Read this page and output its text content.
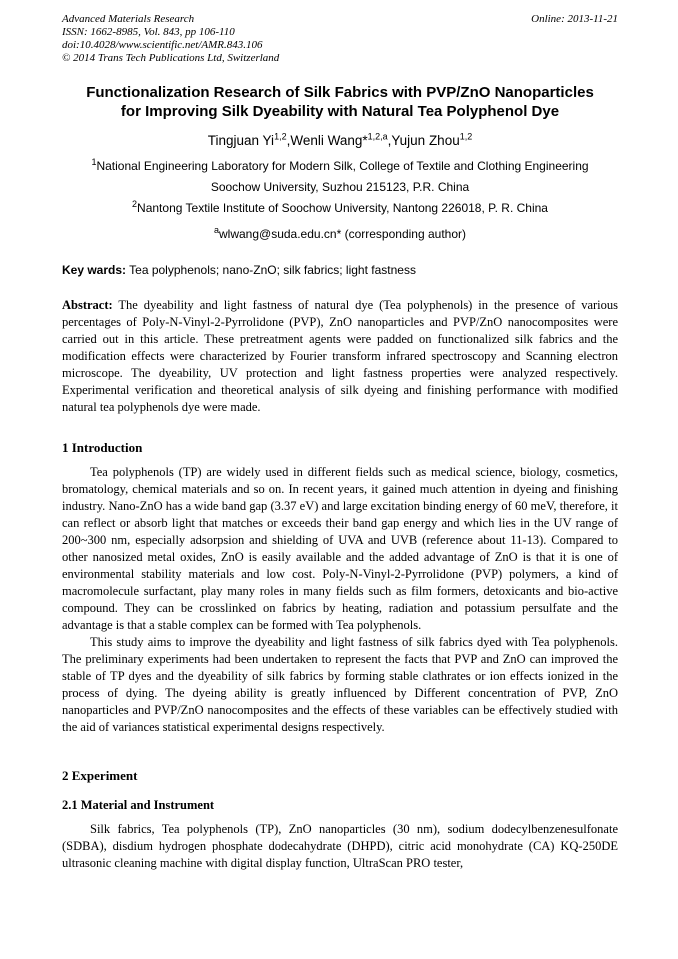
Advanced Materials Research
ISSN: 1662-8985, Vol. 843, pp 106-110
doi:10.4028/www.scientific.net/AMR.843.106
© 2014 Trans Tech Publications Ltd, Switzerland
Online: 2013-11-21
Functionalization Research of Silk Fabrics with PVP/ZnO Nanoparticles
for Improving Silk Dyeability with Natural Tea Polyphenol Dye

Tingjuan Yi$^{1,2}$,Wenli Wang*$^{1,2,a}$,Yujun Zhou$^{1,2}$

$^1$National Engineering Laboratory for Modern Silk, College of Textile and Clothing Engineering
Soochow University, Suzhou 215123, P.R. China
$^2$Nantong Textile Institute of Soochow University, Nantong 226018, P. R. China

$^a$wlwang@suda.edu.cn* (corresponding author)

Key wards: Tea polyphenols; nano-ZnO; silk fabrics; light fastness

Abstract: The dyeability and light fastness of natural dye (Tea polyphenols) in the presence of various percentages of Poly-N-Vinyl-2-Pyrrolidone (PVP), ZnO nanoparticles and PVP/ZnO nanocomposites were carried out in this article. These pretreatment agents were padded on functionalized silk fabrics and the modification effects were characterized by Fourier transform infrared spectroscopy and Scanning electron microscope. The dyeability, UV protection and light fastness properties were analyzed respectively. Experimental verification and theoretical analysis of silk dyeing and finishing performance with modified natural tea polyphenols dye were made.

1 Introduction

Tea polyphenols (TP) are widely used in different fields such as medical science, biology, cosmetics, bromatology, chemical materials and so on. In recent years, it gained much attention in dyeing and finishing industry. Nano-ZnO has a wide band gap (3.37 eV) and large excitation binding energy of 60 meV, therefore, it can reflect or absorb light that matches or exceeds their band gap energy and which lies in the UV range of 200~300 nm, especially adsorpsion and shielding of UVA and UVB (reference about 11-13). Compared to other nanosized metal oxides, ZnO is easily available and the added advantage of ZnO is that it is one of environmental stability materials and low cost. Poly-N-Vinyl-2-Pyrrolidone (PVP) polymers, a kind of macromolecule surfactant, play many roles in many fields such as film formers, detoxicants and bio-active compound. They can be crosslinked on fabrics by heating, radiation and potassium persulfate and the advantage is that a stable complex can be formed with Tea polyphenols.

This study aims to improve the dyeability and light fastness of silk fabrics dyed with Tea polyphenols. The preliminary experiments had been undertaken to represent the facts that PVP and ZnO can improved the stable of TP dyes and the dyeability of silk fabrics by forming stable clathrates or ion effects ionized in the process of dying. The dyeing ability is greatly influenced by Different concentration of PVP, ZnO nanoparticles and PVP/ZnO nanocomposites and the effects of these variables can be effectively studied with the aid of variances statistical experimental designs respectively.

2 Experiment
2.1 Material and Instrument

Silk fabrics, Tea polyphenols (TP), ZnO nanoparticles (30 nm), sodium dodecylbenzenesulfonate (SDBA), disdium hydrogen phosphate dodecahydrate (DHPD), citric acid monohydrate (CA) KQ-250DE ultrasonic cleaning machine with digital display function, UltraScan PRO tester,
